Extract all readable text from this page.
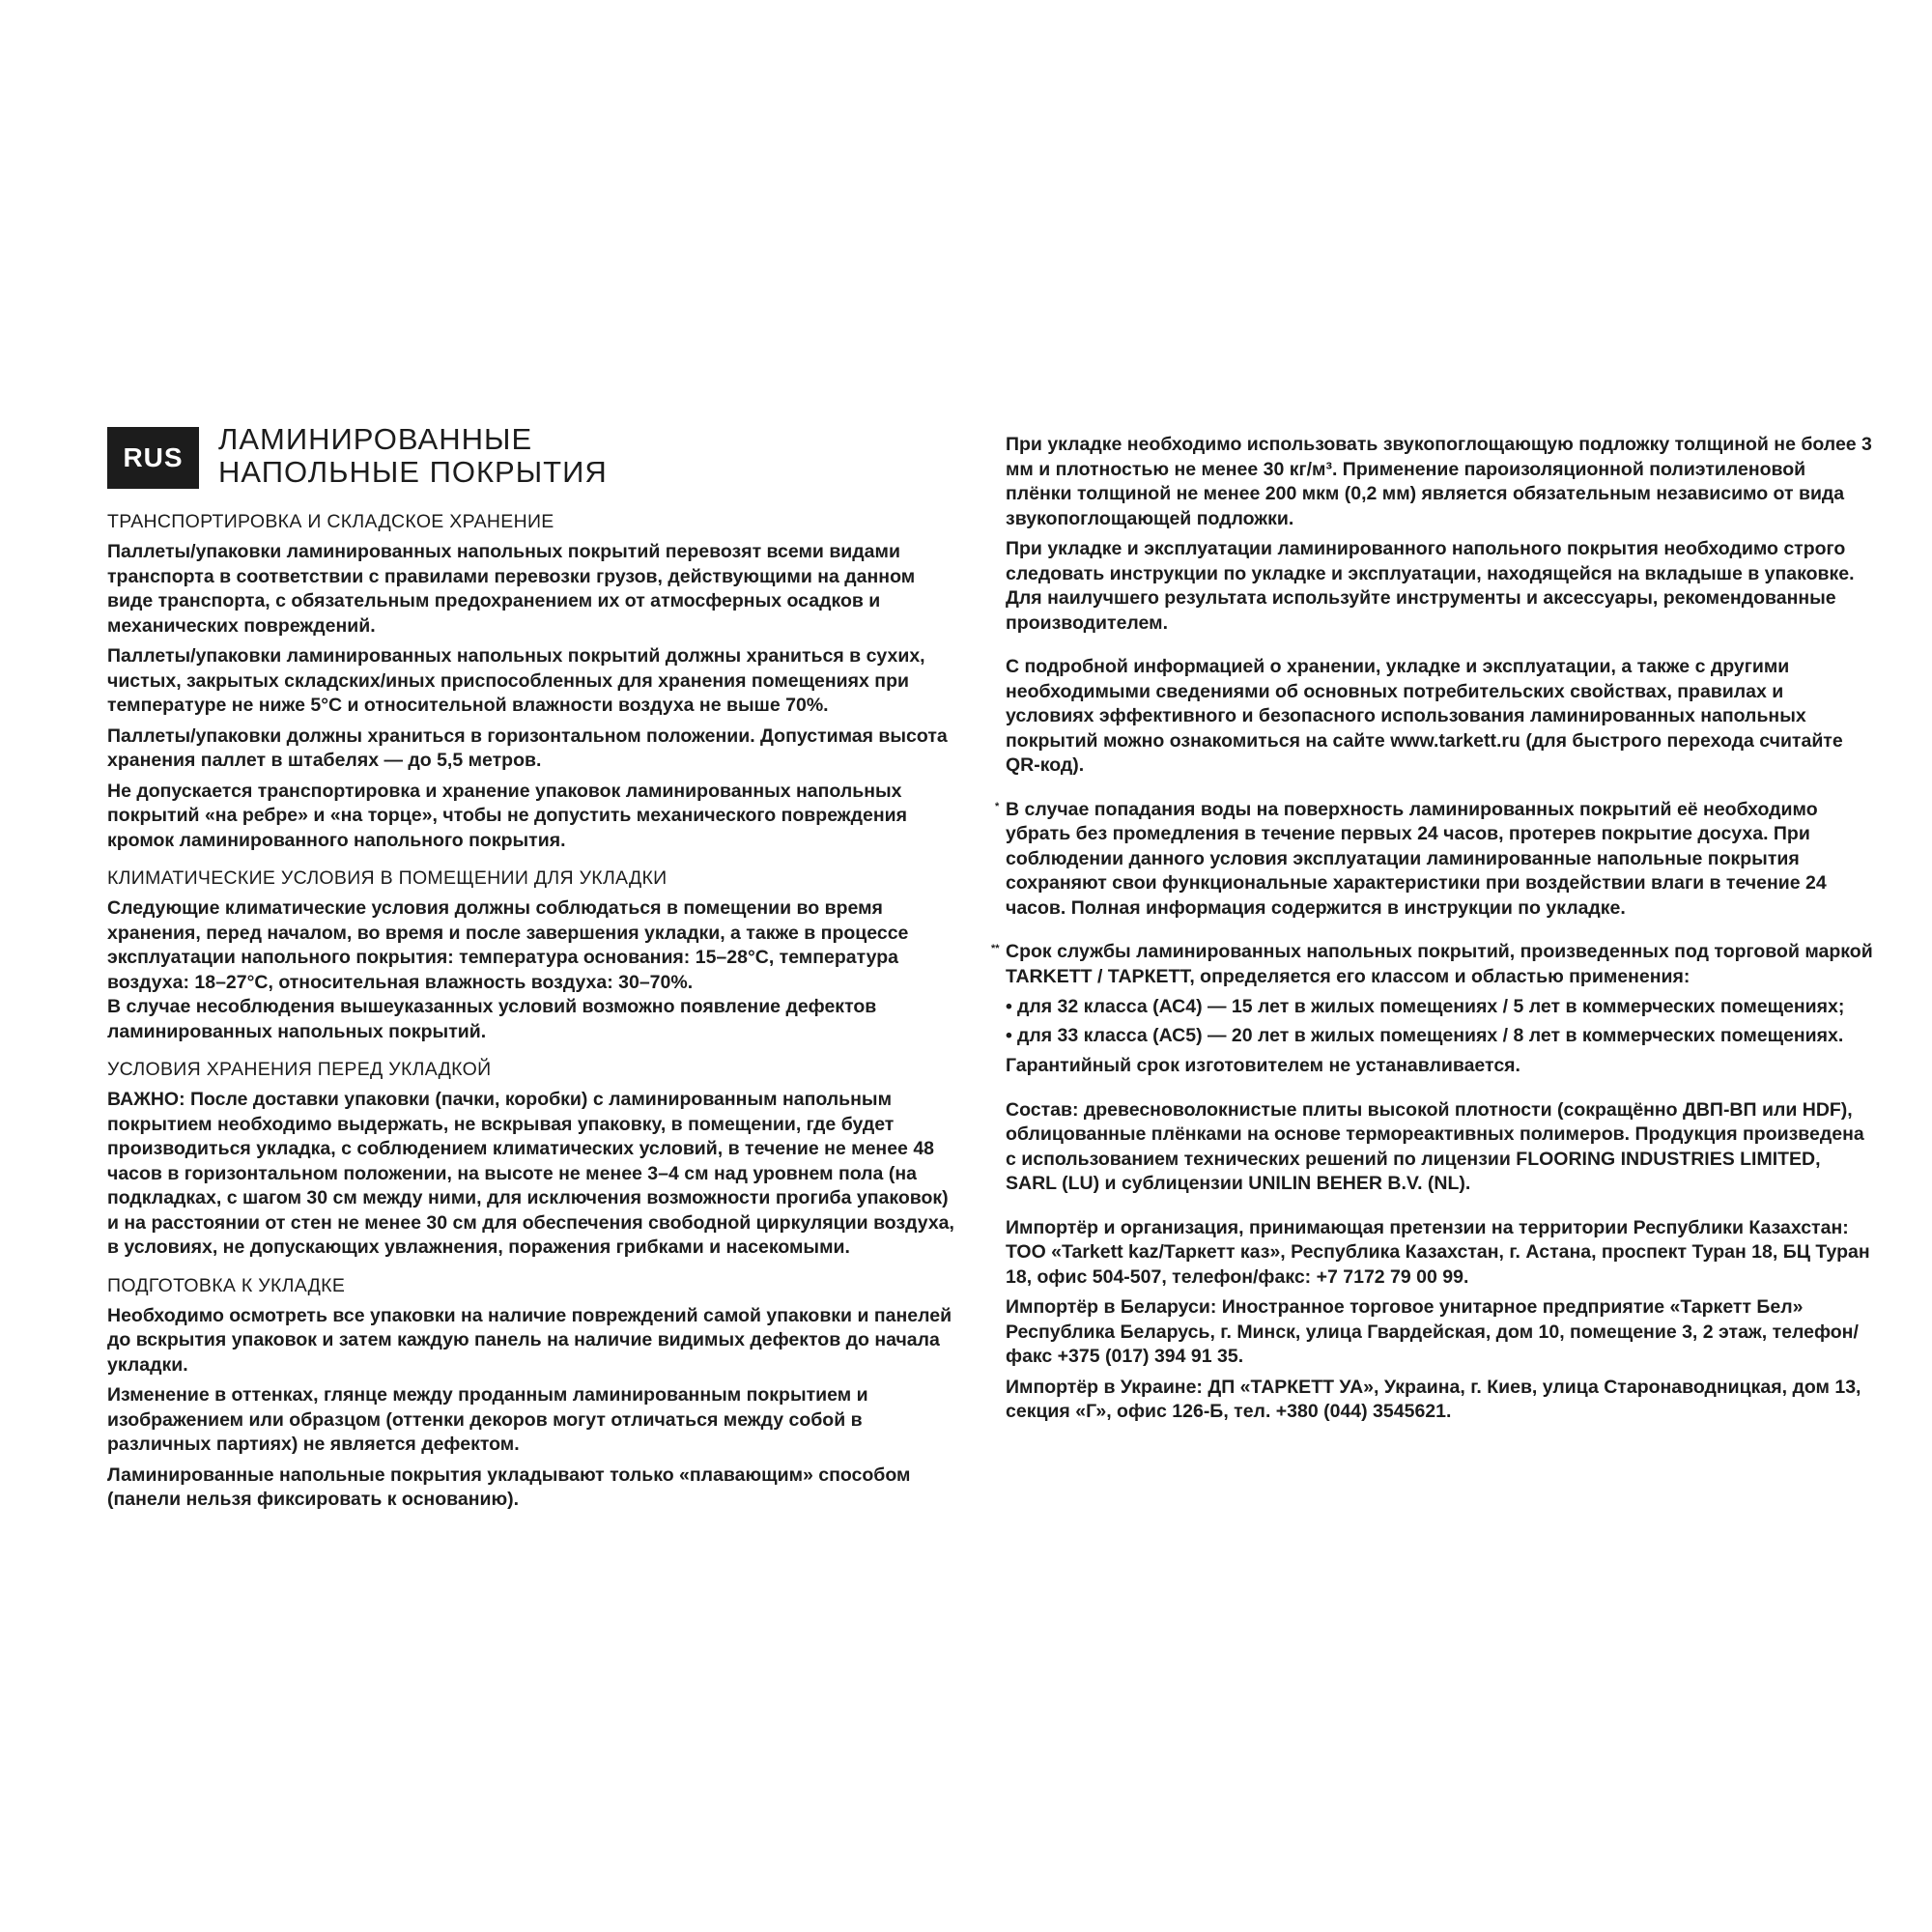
RUS
ЛАМИНИРОВАННЫЕ
НАПОЛЬНЫЕ ПОКРЫТИЯ
ТРАНСПОРТИРОВКА И СКЛАДСКОЕ ХРАНЕНИЕ

Паллеты/упаковки ламинированных напольных покрытий перевозят всеми видами транспорта в соответствии с правилами перевозки грузов, действующими на данном виде транспорта, с обязательным предохранением их от атмосферных осадков и механических повреждений.

Паллеты/упаковки ламинированных напольных покрытий должны храниться в сухих, чистых, закрытых складских/иных приспособленных для хранения помещениях при температуре не ниже 5°С и относительной влажности воздуха не выше 70%.

Паллеты/упаковки должны храниться в горизонтальном положении. Допустимая высота хранения паллет в штабелях — до 5,5 метров.

Не допускается транспортировка и хранение упаковок ламинированных напольных покрытий «на ребре» и «на торце», чтобы не допустить механического повреждения кромок ламинированного напольного покрытия.

КЛИМАТИЧЕСКИЕ УСЛОВИЯ В ПОМЕЩЕНИИ ДЛЯ УКЛАДКИ

Следующие климатические условия должны соблюдаться в помещении во время хранения, перед началом, во время и после завершения укладки, а также в процессе эксплуатации напольного покрытия: температура основания: 15–28°С, температура воздуха: 18–27°С, относительная влажность воздуха: 30–70%.

В случае несоблюдения вышеуказанных условий возможно появление дефектов ламинированных напольных покрытий.

УСЛОВИЯ ХРАНЕНИЯ ПЕРЕД УКЛАДКОЙ

ВАЖНО: После доставки упаковки (пачки, коробки) с ламинированным напольным покрытием необходимо выдержать, не вскрывая упаковку, в помещении, где будет производиться укладка, с соблюдением климатических условий, в течение не менее 48 часов в горизонтальном положении, на высоте не менее 3–4 см над уровнем пола (на подкладках, с шагом 30 см между ними, для исключения возможности прогиба упаковок) и на расстоянии от стен не менее 30 см для обеспечения свободной циркуляции воздуха, в условиях, не допускающих увлажнения, поражения грибками и насекомыми.

ПОДГОТОВКА К УКЛАДКЕ

Необходимо осмотреть все упаковки на наличие повреждений самой упаковки и панелей до вскрытия упаковок и затем каждую панель на наличие видимых дефектов до начала укладки.

Изменение в оттенках, глянце между проданным ламинированным покрытием и изображением или образцом (оттенки декоров могут отличаться между собой в различных партиях) не является дефектом.

Ламинированные напольные покрытия укладывают только «плавающим» способом (панели нельзя фиксировать к основанию).

При укладке необходимо использовать звукопоглощающую подложку толщиной не более 3 мм и плотностью не менее 30 кг/м³. Применение пароизоляционной полиэтиленовой плёнки толщиной не менее 200 мкм (0,2 мм) является обязательным независимо от вида звукопоглощающей подложки.

При укладке и эксплуатации ламинированного напольного покрытия необходимо строго следовать инструкции по укладке и эксплуатации, находящейся на вкладыше в упаковке. Для наилучшего результата используйте инструменты и аксессуары, рекомендованные производителем.

С подробной информацией о хранении, укладке и эксплуатации, а также с другими необходимыми сведениями об основных потребительских свойствах, правилах и условиях эффективного и безопасного использования ламинированных напольных покрытий можно ознакомиться на сайте www.tarkett.ru (для быстрого перехода считайте QR-код).

* В случае попадания воды на поверхность ламинированных покрытий её необходимо убрать без промедления в течение первых 24 часов, протерев покрытие досуха. При соблюдении данного условия эксплуатации ламинированные напольные покрытия сохраняют свои функциональные характеристики при воздействии влаги в течение 24 часов. Полная информация содержится в инструкции по укладке.

** Срок службы ламинированных напольных покрытий, произведенных под торговой маркой TARKETT / ТАРКЕТТ, определяется его классом и областью применения:

• для 32 класса (АС4) — 15 лет в жилых помещениях / 5 лет в коммерческих помещениях;
• для 33 класса (АС5) — 20 лет в жилых помещениях / 8 лет в коммерческих помещениях.

Гарантийный срок изготовителем не устанавливается.

Состав: древесноволокнистые плиты высокой плотности (сокращённо ДВП-ВП или HDF), облицованные плёнками на основе термореактивных полимеров. Продукция произведена с использованием технических решений по лицензии FLOORING INDUSTRIES LIMITED, SARL (LU) и сублицензии UNILIN BEHER B.V. (NL).

Импортёр и организация, принимающая претензии на территории Республики Казахстан: ТОО «Tarkett kaz/Таркетт каз», Республика Казахстан, г. Астана, проспект Туран 18, БЦ Туран 18, офис 504-507, телефон/факс: +7 7172 79 00 99.

Импортёр в Беларуси: Иностранное торговое унитарное предприятие «Таркетт Бел» Республика Беларусь, г. Минск, улица Гвардейская, дом 10, помещение 3, 2 этаж, телефон/факс +375 (017) 394 91 35.

Импортёр в Украине: ДП «ТАРКЕТТ УА», Украина, г. Киев, улица Старонаводницкая, дом 13, секция «Г», офис 126-Б, тел. +380 (044) 3545621.
